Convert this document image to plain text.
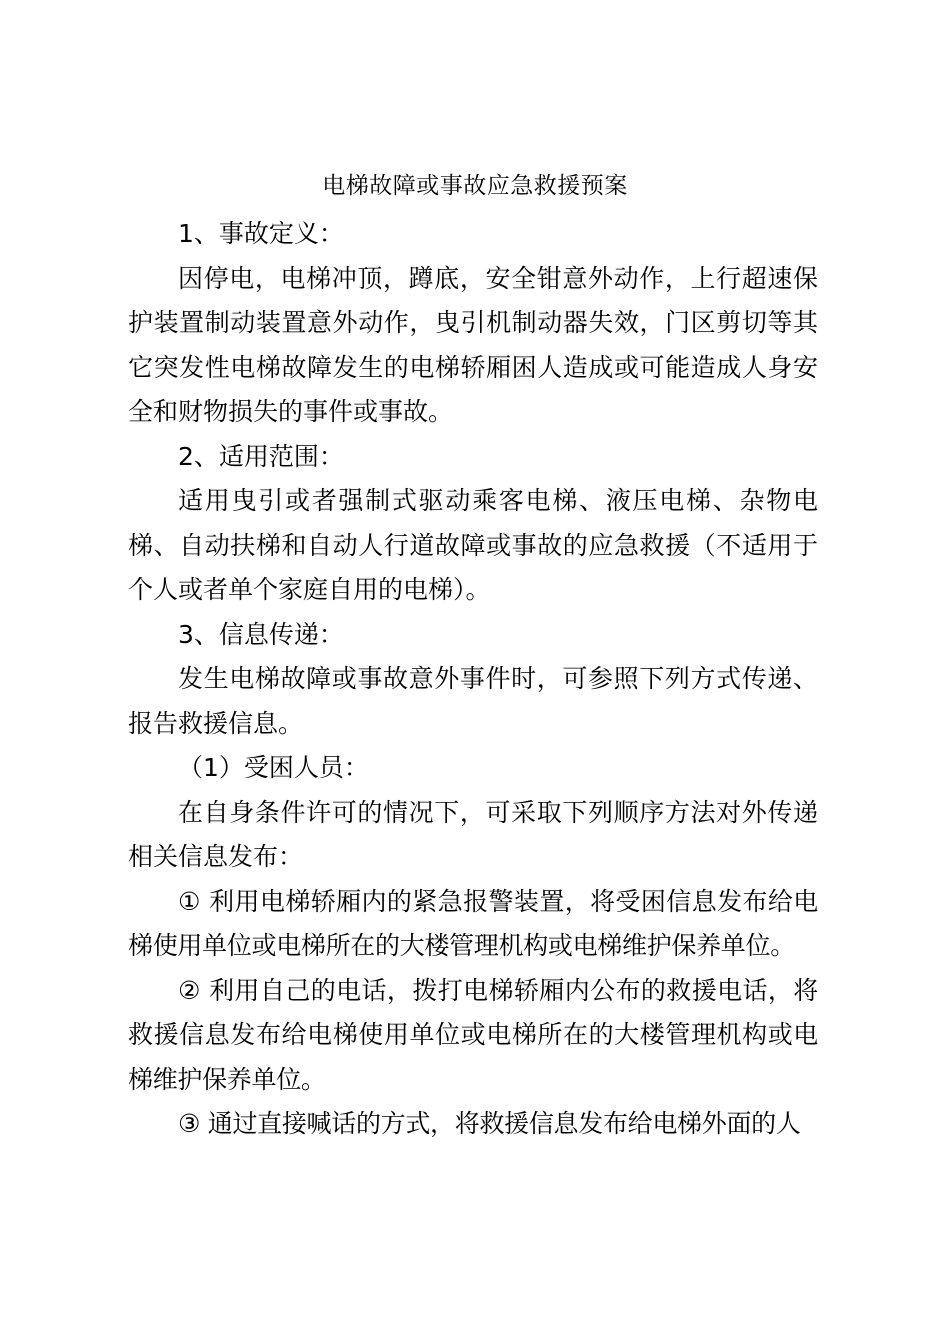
电梯故障或事故应急救援预案

1、事故定义：

因停电，电梯冲顶，蹲底，安全钳意外动作，上行超速保护装置制动装置意外动作，曳引机制动器失效，门区剪切等其它突发性电梯故障发生的电梯轿厢困人造成或可能造成人身安全和财物损失的事件或事故。

2、适用范围：

适用曳引或者强制式驱动乘客电梯、液压电梯、杂物电梯、自动扶梯和自动人行道故障或事故的应急救援（不适用于个人或者单个家庭自用的电梯）。

3、信息传递：

发生电梯故障或事故意外事件时，可参照下列方式传递、报告救援信息。

（1）受困人员：

在自身条件许可的情况下，可采取下列顺序方法对外传递相关信息发布：

① 利用电梯轿厢内的紧急报警装置，将受困信息发布给电梯使用单位或电梯所在的大楼管理机构或电梯维护保养单位。

② 利用自己的电话，拨打电梯轿厢内公布的救援电话，将救援信息发布给电梯使用单位或电梯所在的大楼管理机构或电梯维护保养单位。

③ 通过直接喊话的方式，将救援信息发布给电梯外面的人
